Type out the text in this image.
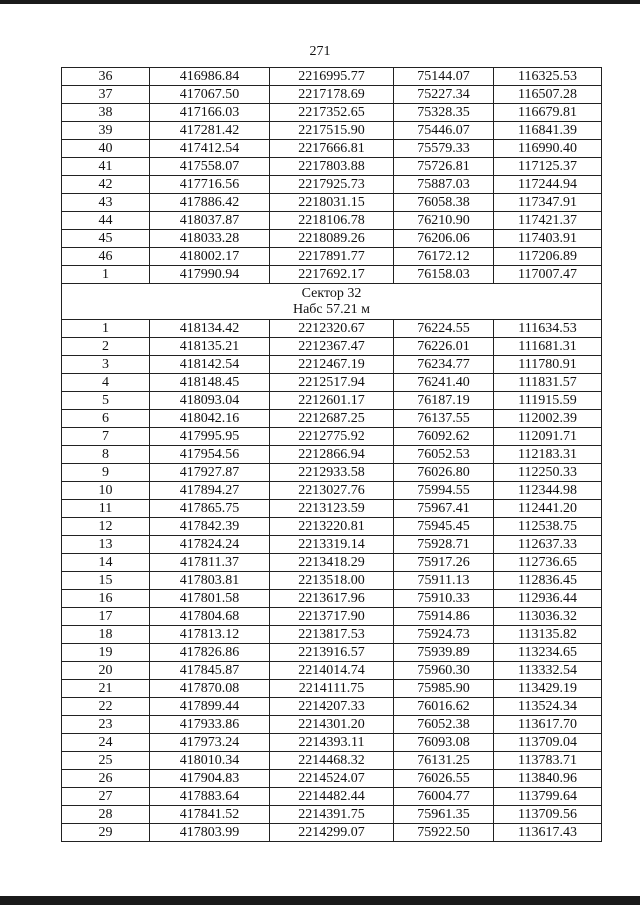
271
36	416986.84	2216995.77	75144.07	116325.53
37	417067.50	2217178.69	75227.34	116507.28
38	417166.03	2217352.65	75328.35	116679.81
39	417281.42	2217515.90	75446.07	116841.39
40	417412.54	2217666.81	75579.33	116990.40
41	417558.07	2217803.88	75726.81	117125.37
42	417716.56	2217925.73	75887.03	117244.94
43	417886.42	2218031.15	76058.38	117347.91
44	418037.87	2218106.78	76210.90	117421.37
45	418033.28	2218089.26	76206.06	117403.91
46	418002.17	2217891.77	76172.12	117206.89
1	417990.94	2217692.17	76158.03	117007.47

Сектор 32
Набс 57.21 м				

1	418134.42	2212320.67	76224.55	111634.53
2	418135.21	2212367.47	76226.01	111681.31
3	418142.54	2212467.19	76234.77	111780.91
4	418148.45	2212517.94	76241.40	111831.57
5	418093.04	2212601.17	76187.19	111915.59
6	418042.16	2212687.25	76137.55	112002.39
7	417995.95	2212775.92	76092.62	112091.71
8	417954.56	2212866.94	76052.53	112183.31
9	417927.87	2212933.58	76026.80	112250.33
10	417894.27	2213027.76	75994.55	112344.98
11	417865.75	2213123.59	75967.41	112441.20
12	417842.39	2213220.81	75945.45	112538.75
13	417824.24	2213319.14	75928.71	112637.33
14	417811.37	2213418.29	75917.26	112736.65
15	417803.81	2213518.00	75911.13	112836.45
16	417801.58	2213617.96	75910.33	112936.44
17	417804.68	2213717.90	75914.86	113036.32
18	417813.12	2213817.53	75924.73	113135.82
19	417826.86	2213916.57	75939.89	113234.65
20	417845.87	2214014.74	75960.30	113332.54
21	417870.08	2214111.75	75985.90	113429.19
22	417899.44	2214207.33	76016.62	113524.34
23	417933.86	2214301.20	76052.38	113617.70
24	417973.24	2214393.11	76093.08	113709.04
25	418010.34	2214468.32	76131.25	113783.71
26	417904.83	2214524.07	76026.55	113840.96
27	417883.64	2214482.44	76004.77	113799.64
28	417841.52	2214391.75	75961.35	113709.56
29	417803.99	2214299.07	75922.50	113617.43
